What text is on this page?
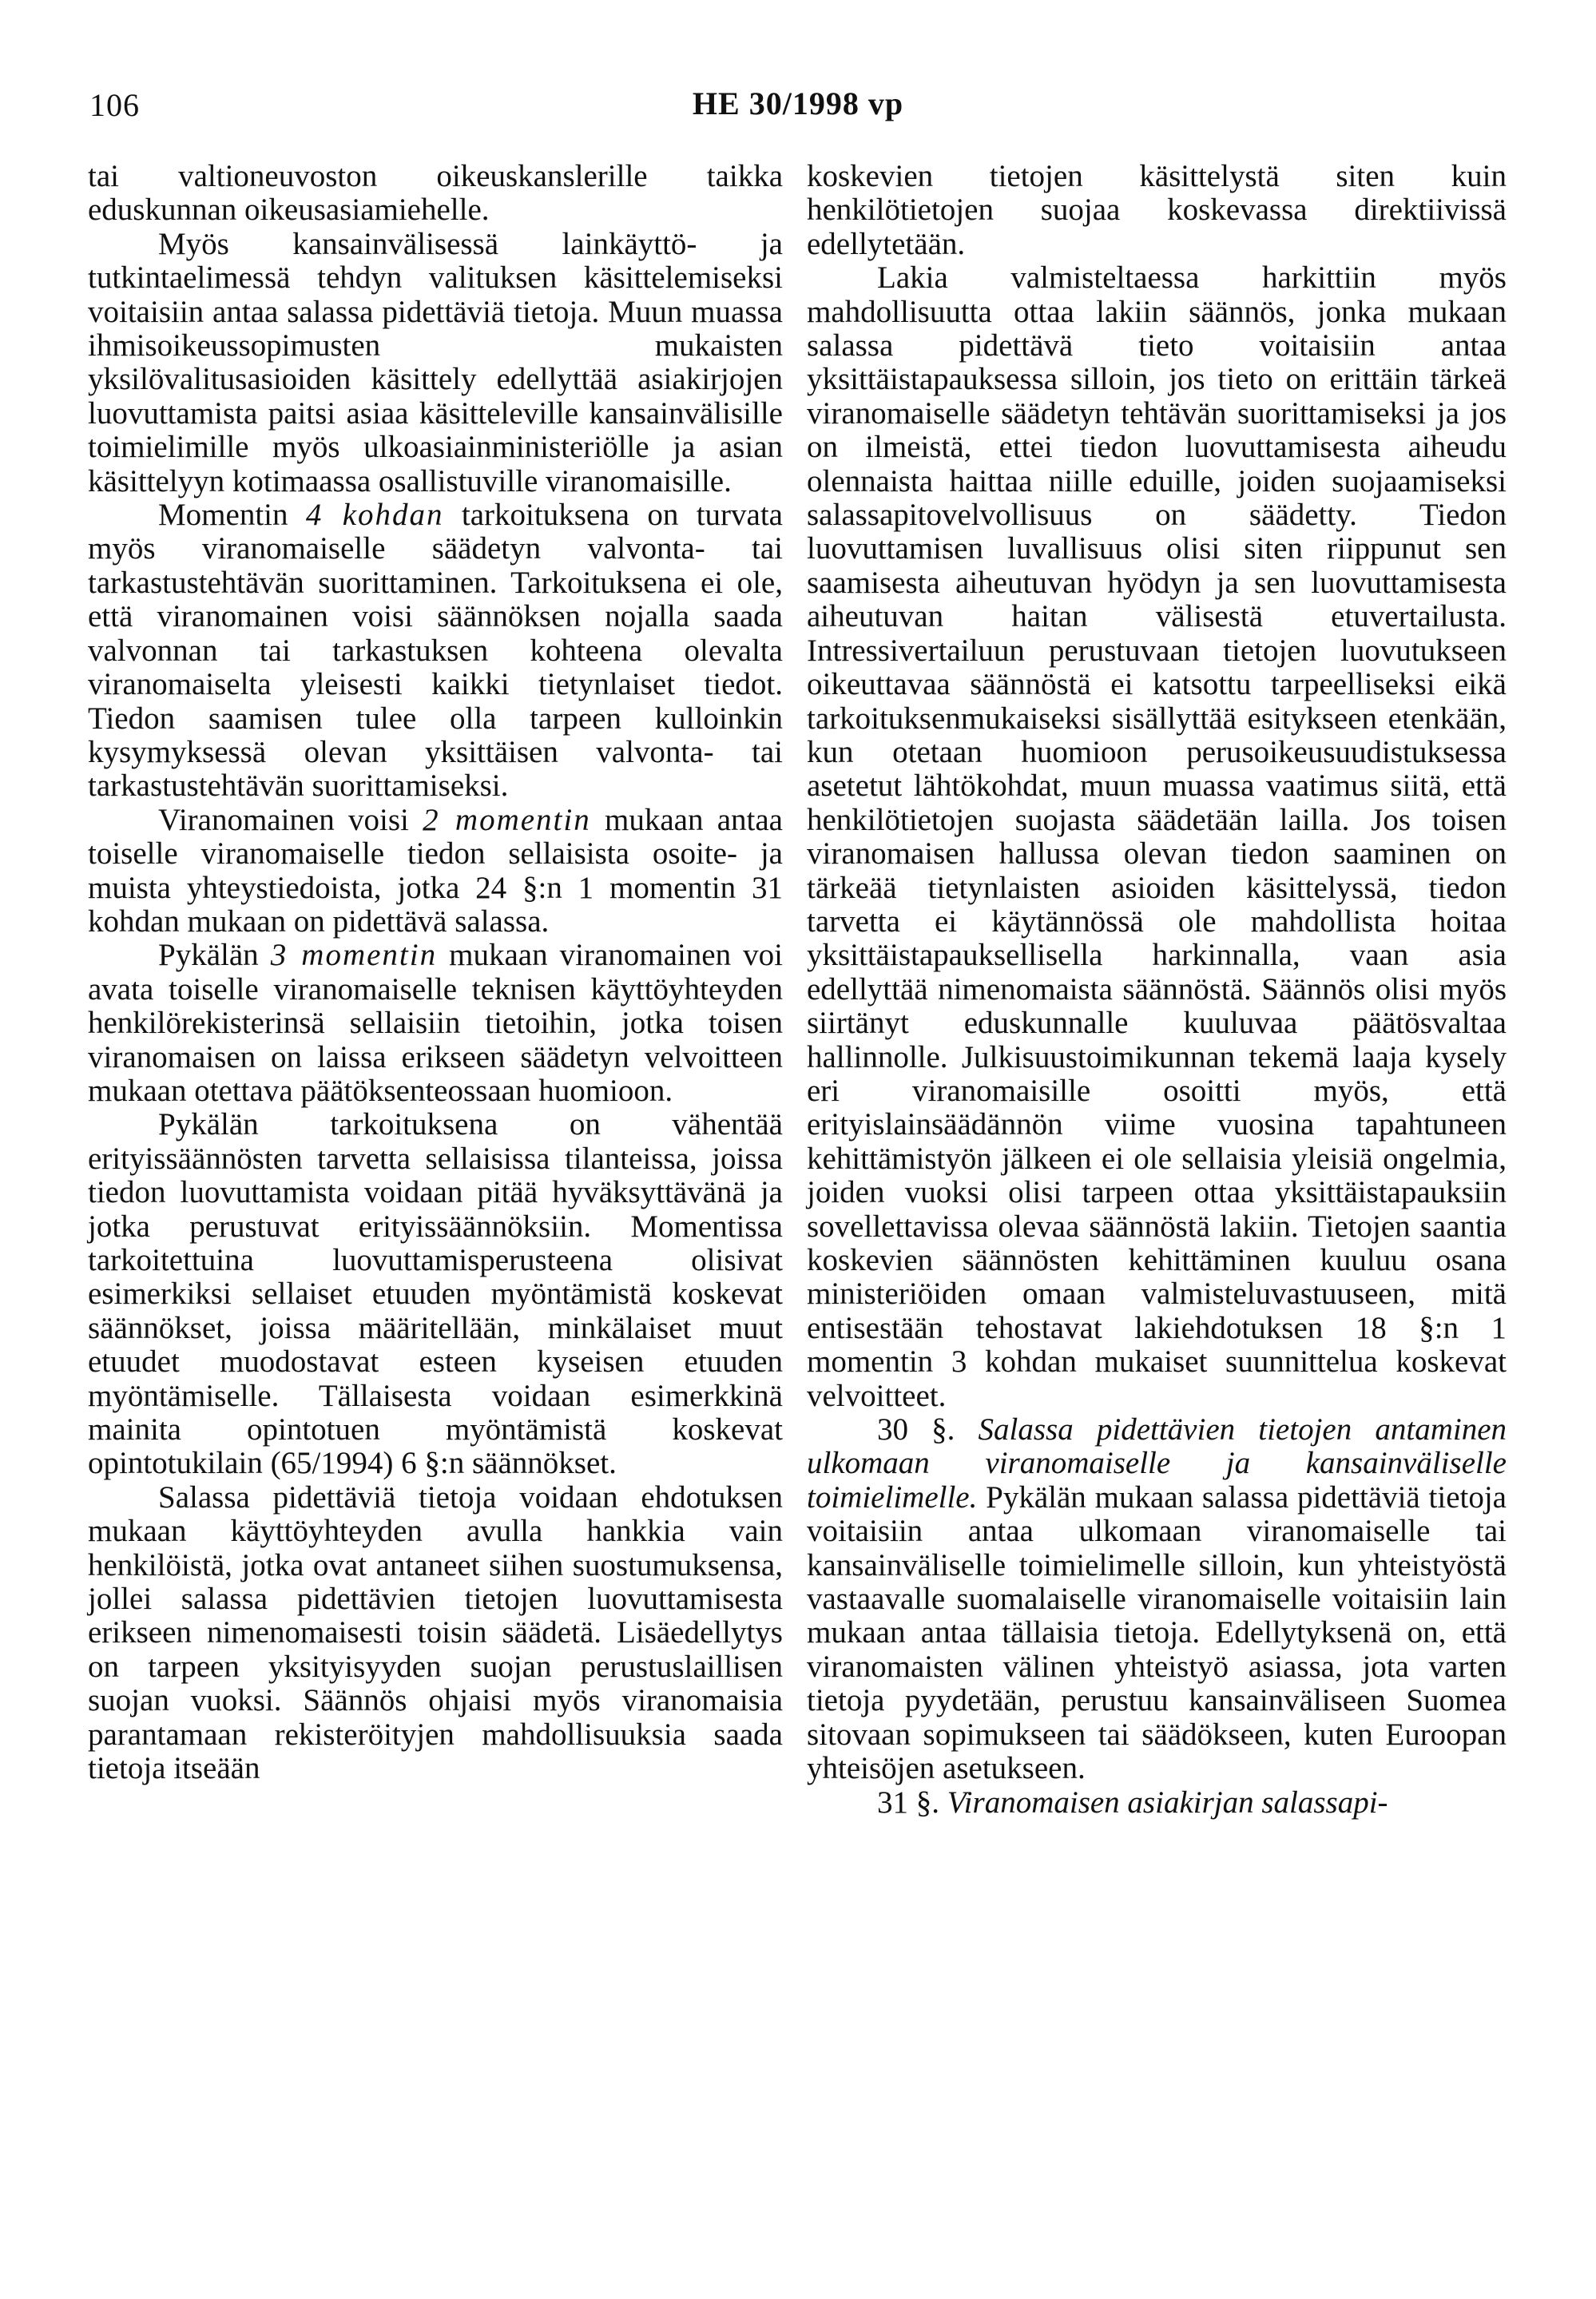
106	HE 30/1998 vp

tai valtioneuvoston oikeuskanslerille taikka eduskunnan oikeusasiamiehelle.

Myös kansainvälisessä lainkäyttö- ja tutkintaelimessä tehdyn valituksen käsittelemiseksi voitaisiin antaa salassa pidettäviä tietoja. Muun muassa ihmisoikeussopimusten mukaisten yksilövalitusasioiden käsittely edellyttää asiakirjojen luovuttamista paitsi asiaa käsitteleville kansainvälisille toimielimille myös ulkoasiainministeriölle ja asian käsittelyyn kotimaassa osallistuville viranomaisille.

Momentin 4 kohdan tarkoituksena on turvata myös viranomaiselle säädetyn valvonta- tai tarkastustehtävän suorittaminen. Tarkoituksena ei ole, että viranomainen voisi säännöksen nojalla saada valvonnan tai tarkastuksen kohteena olevalta viranomaiselta yleisesti kaikki tietynlaiset tiedot. Tiedon saamisen tulee olla tarpeen kulloinkin kysymyksessä olevan yksittäisen valvonta- tai tarkastustehtävän suorittamiseksi.

Viranomainen voisi 2 momentin mukaan antaa toiselle viranomaiselle tiedon sellaisista osoite- ja muista yhteystiedoista, jotka 24 §:n 1 momentin 31 kohdan mukaan on pidettävä salassa.

Pykälän 3 momentin mukaan viranomainen voi avata toiselle viranomaiselle teknisen käyttöyhteyden henkilörekisterinsä sellaisiin tietoihin, jotka toisen viranomaisen on laissa erikseen säädetyn velvoitteen mukaan otettava päätöksenteossaan huomioon.

Pykälän tarkoituksena on vähentää erityissäännösten tarvetta sellaisissa tilanteissa, joissa tiedon luovuttamista voidaan pitää hyväksyttävänä ja jotka perustuvat erityissäännöksiin. Momentissa tarkoitettuina luovuttamisperusteena olisivat esimerkiksi sellaiset etuuden myöntämistä koskevat säännökset, joissa määritellään, minkälaiset muut etuudet muodostavat esteen kyseisen etuuden myöntämiselle. Tällaisesta voidaan esimerkkinä mainita opintotuen myöntämistä koskevat opintotukilain (65/1994) 6 §:n säännökset.

Salassa pidettäviä tietoja voidaan ehdotuksen mukaan käyttöyhteyden avulla hankkia vain henkilöistä, jotka ovat antaneet siihen suostumuksensa, jollei salassa pidettävien tietojen luovuttamisesta erikseen nimenomaisesti toisin säädetä. Lisäedellytys on tarpeen yksityisyyden suojan perustuslaillisen suojan vuoksi. Säännös ohjaisi myös viranomaisia parantamaan rekisteröityjen mahdollisuuksia saada tietoja itseään

koskevien tietojen käsittelystä siten kuin henkilötietojen suojaa koskevassa direktiivissä edellytetään.

Lakia valmisteltaessa harkittiin myös mahdollisuutta ottaa lakiin säännös, jonka mukaan salassa pidettävä tieto voitaisiin antaa yksittäistapauksessa silloin, jos tieto on erittäin tärkeä viranomaiselle säädetyn tehtävän suorittamiseksi ja jos on ilmeistä, ettei tiedon luovuttamisesta aiheudu olennaista haittaa niille eduille, joiden suojaamiseksi salassapitovelvollisuus on säädetty. Tiedon luovuttamisen luvallisuus olisi siten riippunut sen saamisesta aiheutuvan hyödyn ja sen luovuttamisesta aiheutuvan haitan välisestä etuvertailusta. Intressivertailuun perustuvaan tietojen luovutukseen oikeuttavaa säännöstä ei katsottu tarpeelliseksi eikä tarkoituksenmukaiseksi sisällyttää esitykseen etenkään, kun otetaan huomioon perusoikeusuudistuksessa asetetut lähtökohdat, muun muassa vaatimus siitä, että henkilötietojen suojasta säädetään lailla. Jos toisen viranomaisen hallussa olevan tiedon saaminen on tärkeää tietynlaisten asioiden käsittelyssä, tiedon tarvetta ei käytännössä ole mahdollista hoitaa yksittäistapauksellisella harkinnalla, vaan asia edellyttää nimenomaista säännöstä. Säännös olisi myös siirtänyt eduskunnalle kuuluvaa päätösvaltaa hallinnolle. Julkisuustoimikunnan tekemä laaja kysely eri viranomaisille osoitti myös, että erityislainsäädännön viime vuosina tapahtuneen kehittämistyön jälkeen ei ole sellaisia yleisiä ongelmia, joiden vuoksi olisi tarpeen ottaa yksittäistapauksiin sovellettavissa olevaa säännöstä lakiin. Tietojen saantia koskevien säännösten kehittäminen kuuluu osana ministeriöiden omaan valmisteluvastuuseen, mitä entisestään tehostavat lakiehdotuksen 18 §:n 1 momentin 3 kohdan mukaiset suunnittelua koskevat velvoitteet.

30 §. Salassa pidettävien tietojen antaminen ulkomaan viranomaiselle ja kansainväliselle toimielimelle. Pykälän mukaan salassa pidettäviä tietoja voitaisiin antaa ulkomaan viranomaiselle tai kansainväliselle toimielimelle silloin, kun yhteistyöstä vastaavalle suomalaiselle viranomaiselle voitaisiin lain mukaan antaa tällaisia tietoja. Edellytyksenä on, että viranomaisten välinen yhteistyö asiassa, jota varten tietoja pyydetään, perustuu kansainväliseen Suomea sitovaan sopimukseen tai säädökseen, kuten Euroopan yhteisöjen asetukseen.

31 §. Viranomaisen asiakirjan salassapi-
